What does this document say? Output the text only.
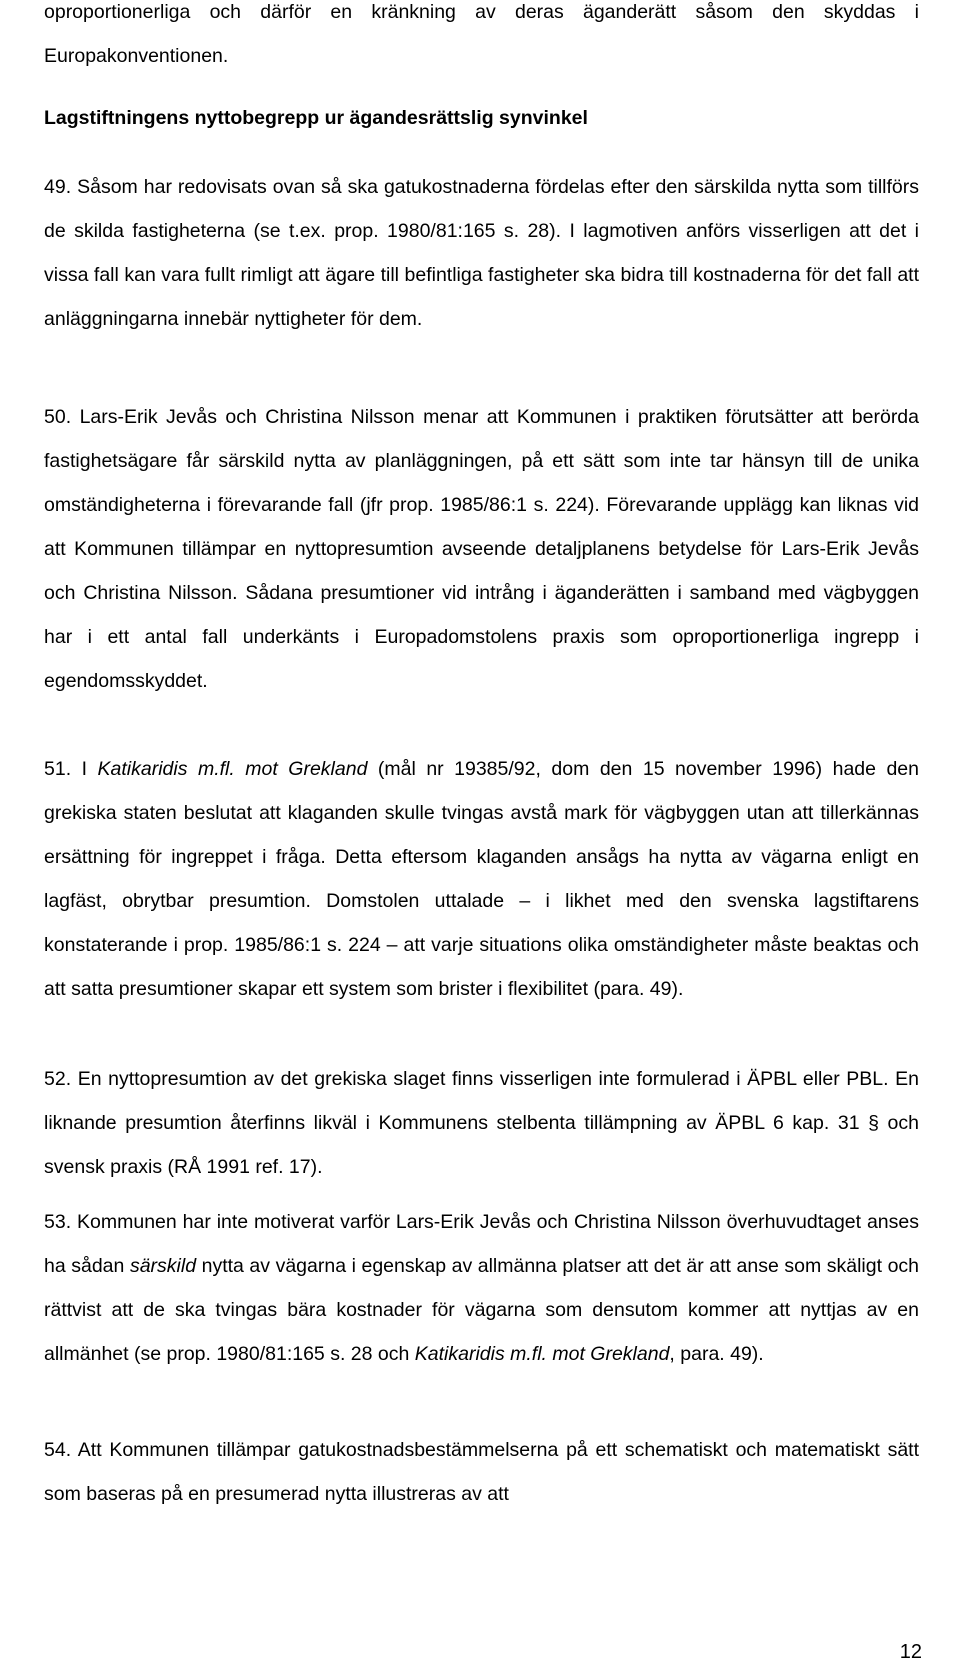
oproportionerliga och därför en kränkning av deras äganderätt såsom den skyddas i Europakonventionen.

Lagstiftningens nyttobegrepp ur ägandesrättslig synvinkel

49. Såsom har redovisats ovan så ska gatukostnaderna fördelas efter den särskilda nytta som tillförs de skilda fastigheterna (se t.ex. prop. 1980/81:165 s. 28). I lagmotiven anförs visserligen att det i vissa fall kan vara fullt rimligt att ägare till befintliga fastigheter ska bidra till kostnaderna för det fall att anläggningarna innebär nyttigheter för dem.

50. Lars-Erik Jevås och Christina Nilsson menar att Kommunen i praktiken förutsätter att berörda fastighetsägare får särskild nytta av planläggningen, på ett sätt som inte tar hänsyn till de unika omständigheterna i förevarande fall (jfr prop. 1985/86:1 s. 224). Förevarande upplägg kan liknas vid att Kommunen tillämpar en nyttopresumtion avseende detaljplanens betydelse för Lars-Erik Jevås och Christina Nilsson. Sådana presumtioner vid intrång i äganderätten i samband med vägbyggen har i ett antal fall underkänts i Europadomstolens praxis som oproportionerliga ingrepp i egendomsskyddet.

51. I Katikaridis m.fl. mot Grekland (mål nr 19385/92, dom den 15 november 1996) hade den grekiska staten beslutat att klaganden skulle tvingas avstå mark för vägbyggen utan att tillerkännas ersättning för ingreppet i fråga. Detta eftersom klaganden ansågs ha nytta av vägarna enligt en lagfäst, obrytbar presumtion. Domstolen uttalade – i likhet med den svenska lagstiftarens konstaterande i prop. 1985/86:1 s. 224 – att varje situations olika omständigheter måste beaktas och att satta presumtioner skapar ett system som brister i flexibilitet (para. 49).

52. En nyttopresumtion av det grekiska slaget finns visserligen inte formulerad i ÄPBL eller PBL. En liknande presumtion återfinns likväl i Kommunens stelbenta tillämpning av ÄPBL 6 kap. 31 § och svensk praxis (RÅ 1991 ref. 17).

53. Kommunen har inte motiverat varför Lars-Erik Jevås och Christina Nilsson överhuvudtaget anses ha sådan särskild nytta av vägarna i egenskap av allmänna platser att det är att anse som skäligt och rättvist att de ska tvingas bära kostnader för vägarna som densutom kommer att nyttjas av en allmänhet (se prop. 1980/81:165 s. 28 och Katikaridis m.fl. mot Grekland, para. 49).

54. Att Kommunen tillämpar gatukostnadsbestämmelserna på ett schematiskt och matematiskt sätt som baseras på en presumerad nytta illustreras av att

12
